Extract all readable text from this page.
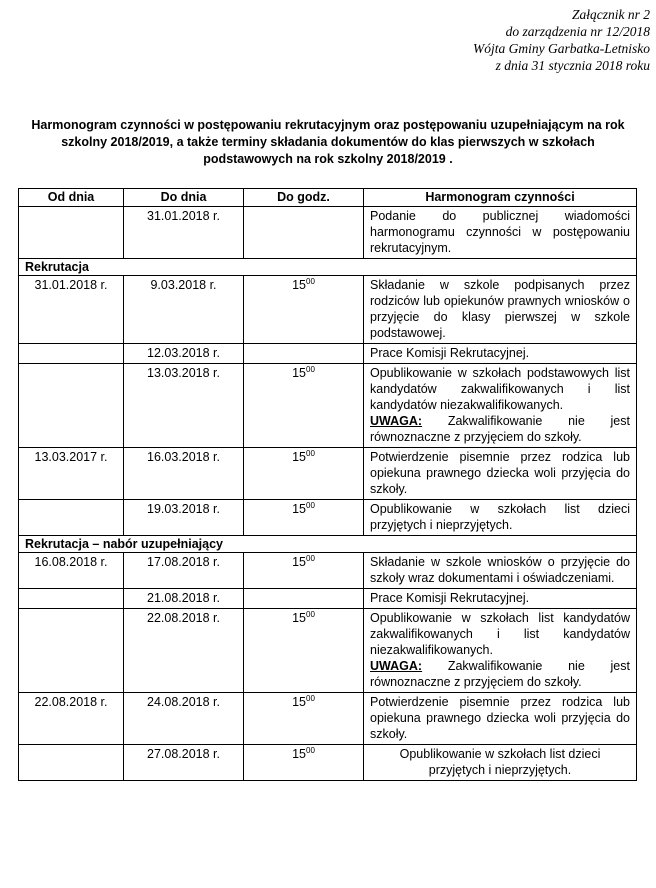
Załącznik nr 2
do zarządzenia nr 12/2018
Wójta Gminy Garbatka-Letnisko
z dnia 31 stycznia 2018 roku
Harmonogram czynności w postępowaniu rekrutacyjnym oraz postępowaniu uzupełniającym na rok szkolny 2018/2019, a także terminy składania dokumentów do klas pierwszych w szkołach podstawowych na rok szkolny 2018/2019 .
Od dnia	Do dnia	Do godz.	Harmonogram czynności
	31.01.2018 r.		Podanie do publicznej wiadomości harmonogramu czynności w postępowaniu rekrutacyjnym.
Rekrutacja			
31.01.2018 r.	9.03.2018 r.	$15^{00}$	Składanie w szkole podpisanych przez rodziców lub opiekunów prawnych wniosków o przyjęcie do klasy pierwszej w szkole podstawowej.
	12.03.2018 r.		Prace Komisji Rekrutacyjnej.
	13.03.2018 r.	$15^{00}$	Opublikowanie w szkołach podstawowych list kandydatów zakwalifikowanych i list kandydatów niezakwalifikowanych.
UWAGA: Zakwalifikowanie nie jest równoznaczne z przyjęciem do szkoły.
13.03.2017 r.	16.03.2018 r.	$15^{00}$	Potwierdzenie pisemnie przez rodzica lub opiekuna prawnego dziecka woli przyjęcia do szkoły.
	19.03.2018 r.	$15^{00}$	Opublikowanie w szkołach list dzieci przyjętych i nieprzyjętych.
Rekrutacja – nabór uzupełniający			
16.08.2018 r.	17.08.2018 r.	$15^{00}$	Składanie w szkole wniosków o przyjęcie do szkoły wraz dokumentami i oświadczeniami.
	21.08.2018 r.		Prace Komisji Rekrutacyjnej.
	22.08.2018 r.	$15^{00}$	Opublikowanie w szkołach list kandydatów zakwalifikowanych i list kandydatów niezakwalifikowanych.
UWAGA: Zakwalifikowanie nie jest równoznaczne z przyjęciem do szkoły.
22.08.2018 r.	24.08.2018 r.	$15^{00}$	Potwierdzenie pisemnie przez rodzica lub opiekuna prawnego dziecka woli przyjęcia do szkoły.
	27.08.2018 r.	$15^{00}$	Opublikowanie w szkołach list dzieci przyjętych i nieprzyjętych.
